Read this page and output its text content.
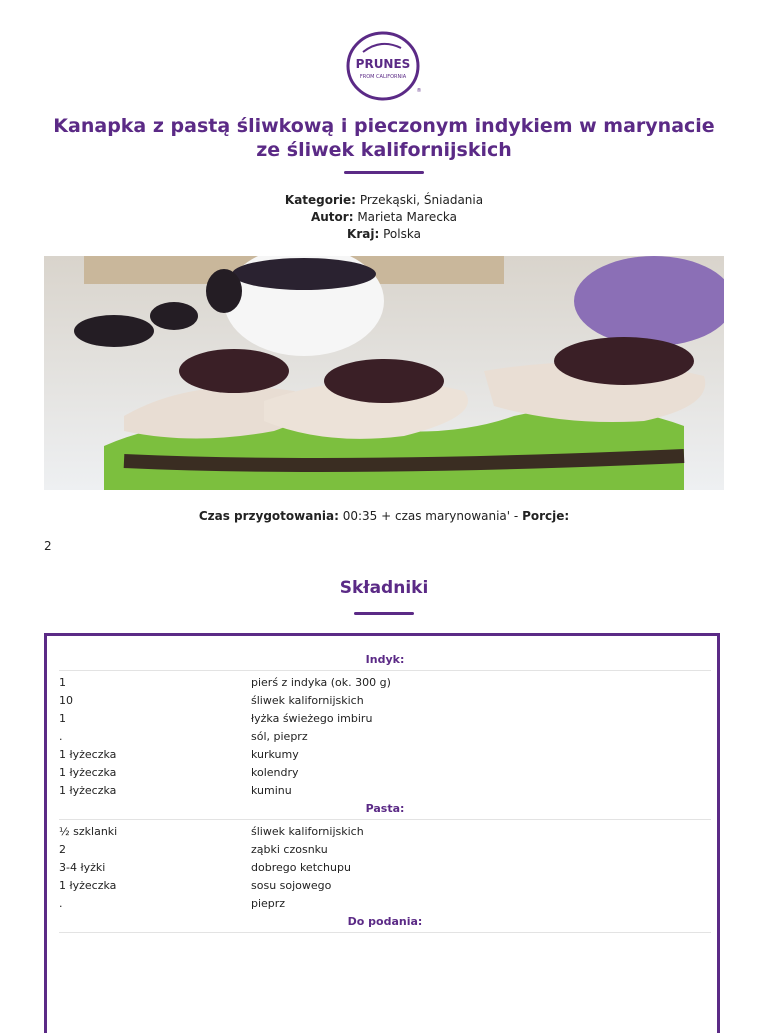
PRUNES
FROM CALIFORNIA
®
Kanapka z pastą śliwkową i pieczonym indykiem w marynacie ze śliwek kalifornijskich
Kategorie: Przekąski, Śniadania
Autor: Marieta Marecka
Kraj: Polska
Czas przygotowania: 00:35 + czas marynowania' - Porcje:
2
Składniki
Indyk:
1	pierś z indyka (ok. 300 g)
10	śliwek kalifornijskich
1	łyżka świeżego imbiru
.	sól, pieprz
1 łyżeczka	kurkumy
1 łyżeczka	kolendry
1 łyżeczka	kuminu
Pasta:
½ szklanki	śliwek kalifornijskich
2	ząbki czosnku
3-4 łyżki	dobrego ketchupu
1 łyżeczka	sosu sojowego
.	pieprz
Do podania:
